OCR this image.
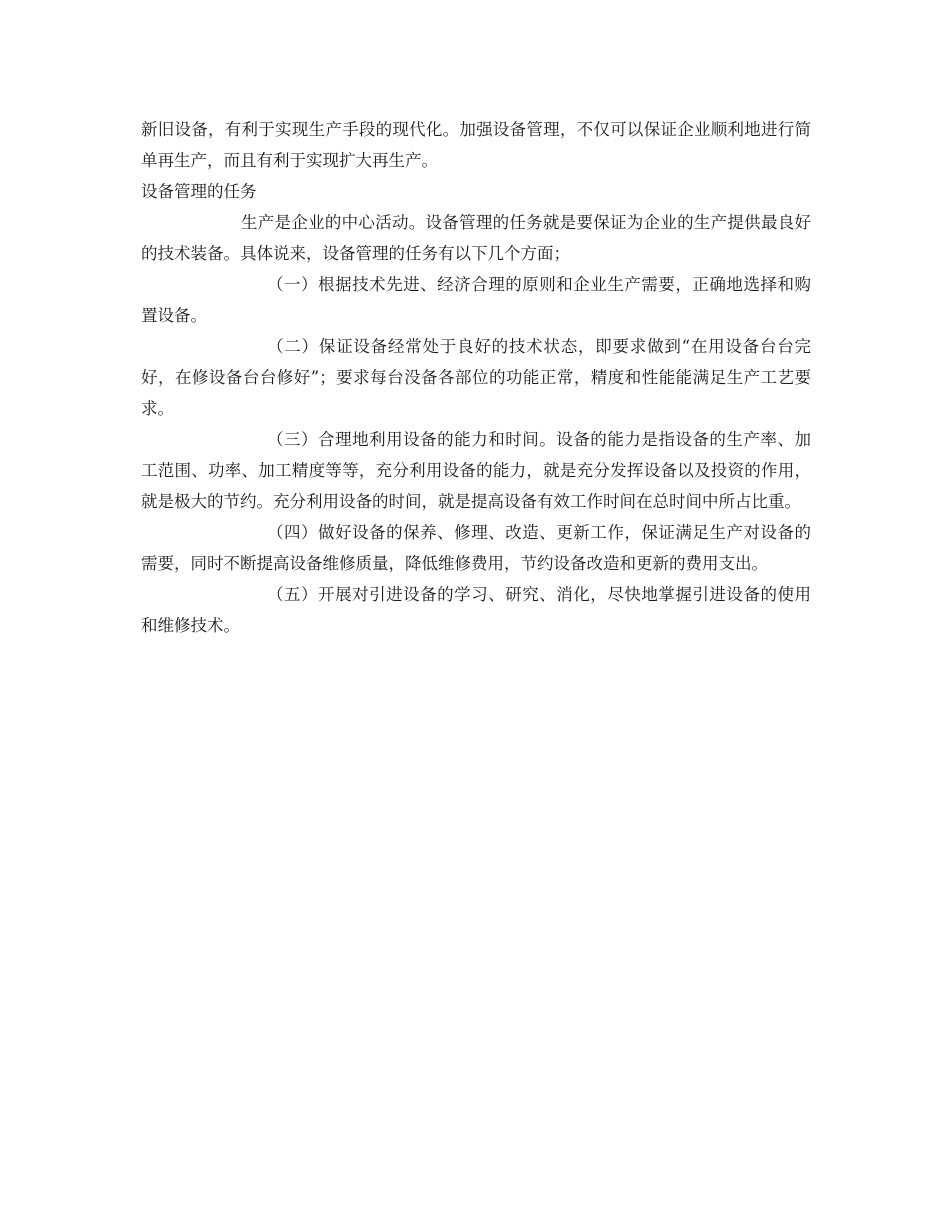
新旧设备，有利于实现生产手段的现代化。加强设备管理，不仅可以保证企业顺利地进行简单再生产，而且有利于实现扩大再生产。

设备管理的任务

生产是企业的中心活动。设备管理的任务就是要保证为企业的生产提供最良好的技术装备。具体说来，设备管理的任务有以下几个方面；

（一）根据技术先进、经济合理的原则和企业生产需要，正确地选择和购置设备。

（二）保证设备经常处于良好的技术状态，即要求做到“在用设备台台完好，在修设备台台修好”；要求每台没备各部位的功能正常，精度和性能能满足生产工艺要求。

（三）合理地利用设备的能力和时间。设备的能力是指设备的生产率、加工范围、功率、加工精度等等，充分利用设备的能力，就是充分发挥设备以及投资的作用，就是极大的节约。充分利用设备的时间，就是提高设备有效工作时间在总时间中所占比重。

（四）做好设备的保养、修理、改造、更新工作，保证满足生产对设备的需要，同时不断提高设备维修质量，降低维修费用，节约设备改造和更新的费用支出。

（五）开展对引进设备的学习、研究、消化，尽快地掌握引进设备的使用和维修技术。
